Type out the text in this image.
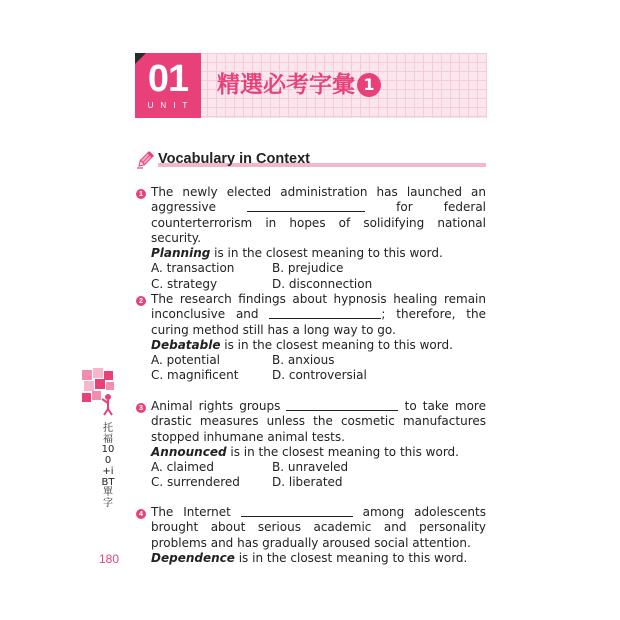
01
UNIT
精選必考字彙 1
Vocabulary in Context
1 The newly elected administration has launched an aggressive	for federal counterterrorism in hopes of solidifying national security.
Planning is in the closest meaning to this word.
A. transaction	B. prejudice
C. strategy	D. disconnection
2 The research findings about hypnosis healing remain inconclusive and	; therefore, the curing method still has a long way to go.
Debatable is in the closest meaning to this word.
A. potential	B. anxious
C. magnificent	D. controversial
3 Animal rights groups	to take more drastic measures unless the cosmetic manufactures stopped inhumane animal tests.
Announced is in the closest meaning to this word.
A. claimed	B. unraveled
C. surrendered	D. liberated
4 The Internet	among adolescents brought about serious academic and personality problems and has gradually aroused social attention.
Dependence is in the closest meaning to this word.
托福100+iBT單字
180
